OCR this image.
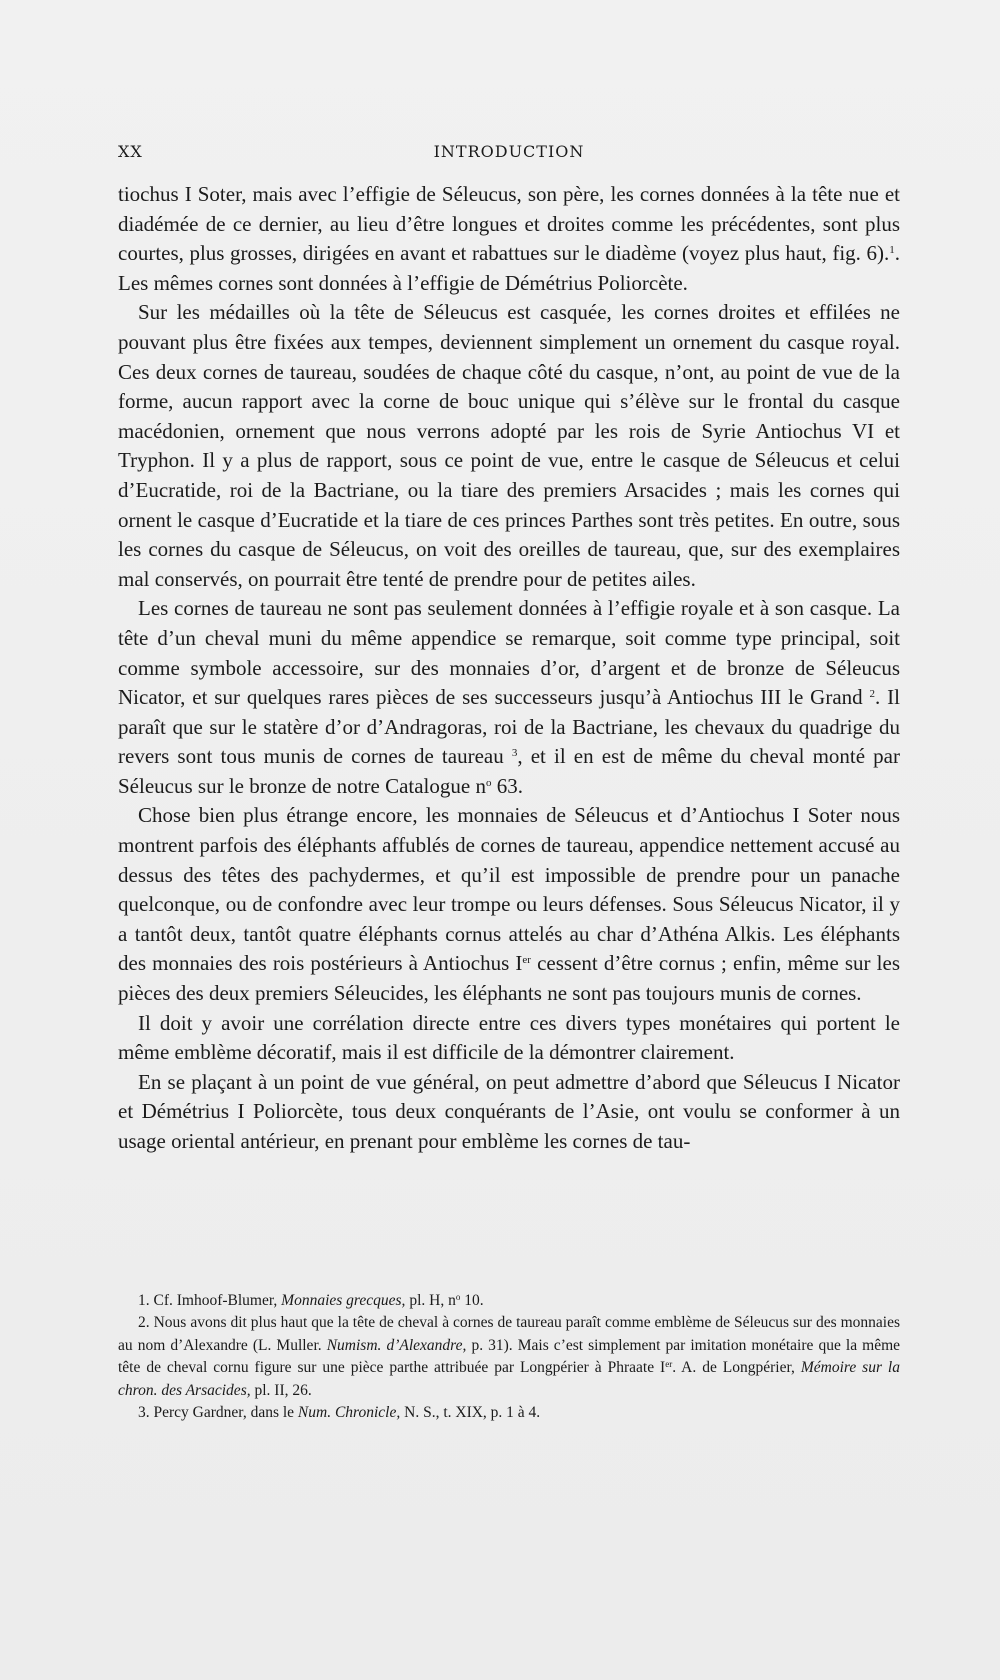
XX	INTRODUCTION

tiochus I Soter, mais avec l’effigie de Séleucus, son père, les cornes données à la tête nue et diadémée de ce dernier, au lieu d’être longues et droites comme les précédentes, sont plus courtes, plus grosses, dirigées en avant et rabattues sur le diadème (voyez plus haut, fig. 6).$^1$. Les mêmes cornes sont données à l’effigie de Démétrius Poliorcète.

Sur les médailles où la tête de Séleucus est casquée, les cornes droites et effilées ne pouvant plus être fixées aux tempes, deviennent simplement un ornement du casque royal. Ces deux cornes de taureau, soudées de chaque côté du casque, n’ont, au point de vue de la forme, aucun rapport avec la corne de bouc unique qui s’élève sur le frontal du casque macédonien, ornement que nous verrons adopté par les rois de Syrie Antiochus VI et Tryphon. Il y a plus de rapport, sous ce point de vue, entre le casque de Séleucus et celui d’Eucratide, roi de la Bactriane, ou la tiare des premiers Arsacides ; mais les cornes qui ornent le casque d’Eucratide et la tiare de ces princes Parthes sont très petites. En outre, sous les cornes du casque de Séleucus, on voit des oreilles de taureau, que, sur des exemplaires mal conservés, on pourrait être tenté de prendre pour de petites ailes.

Les cornes de taureau ne sont pas seulement données à l’effigie royale et à son casque. La tête d’un cheval muni du même appendice se remarque, soit comme type principal, soit comme symbole accessoire, sur des monnaies d’or, d’argent et de bronze de Séleucus Nicator, et sur quelques rares pièces de ses successeurs jusqu’à Antiochus III le Grand $^2$. Il paraît que sur le statère d’or d’Andragoras, roi de la Bactriane, les chevaux du quadrige du revers sont tous munis de cornes de taureau $^3$, et il en est de même du cheval monté par Séleucus sur le bronze de notre Catalogue $n^o$ 63.

Chose bien plus étrange encore, les monnaies de Séleucus et d’Antiochus I Soter nous montrent parfois des éléphants affublés de cornes de taureau, appendice nettement accusé au dessus des têtes des pachydermes, et qu’il est impossible de prendre pour un panache quelconque, ou de confondre avec leur trompe ou leurs défenses. Sous Séleucus Nicator, il y a tantôt deux, tantôt quatre éléphants cornus attelés au char d’Athéna Alkis. Les éléphants des monnaies des rois postérieurs à Antiochus Ier cessent d’être cornus ; enfin, même sur les pièces des deux premiers Séleucides, les éléphants ne sont pas toujours munis de cornes.

Il doit y avoir une corrélation directe entre ces divers types monétaires qui portent le même emblème décoratif, mais il est difficile de la démontrer clairement.

En se plaçant à un point de vue général, on peut admettre d’abord que Séleucus I Nicator et Démétrius I Poliorcète, tous deux conquérants de l’Asie, ont voulu se conformer à un usage oriental antérieur, en prenant pour emblème les cornes de tau-

1. Cf. Imhoof-Blumer, Monnaies grecques, pl. H, n$^o$ 10.

2. Nous avons dit plus haut que la tête de cheval à cornes de taureau paraît comme emblème de Séleucus sur des monnaies au nom d’Alexandre (L. Muller. Numism. d’Alexandre, p. 31). Mais c’est simplement par imitation monétaire que la même tête de cheval cornu figure sur une pièce parthe attribuée par Longpérier à Phraate Ier. A. de Longpérier, Mémoire sur la chron. des Arsacides, pl. II, 26.

3. Percy Gardner, dans le Num. Chronicle, N. S., t. XIX, p. 1 à 4.
